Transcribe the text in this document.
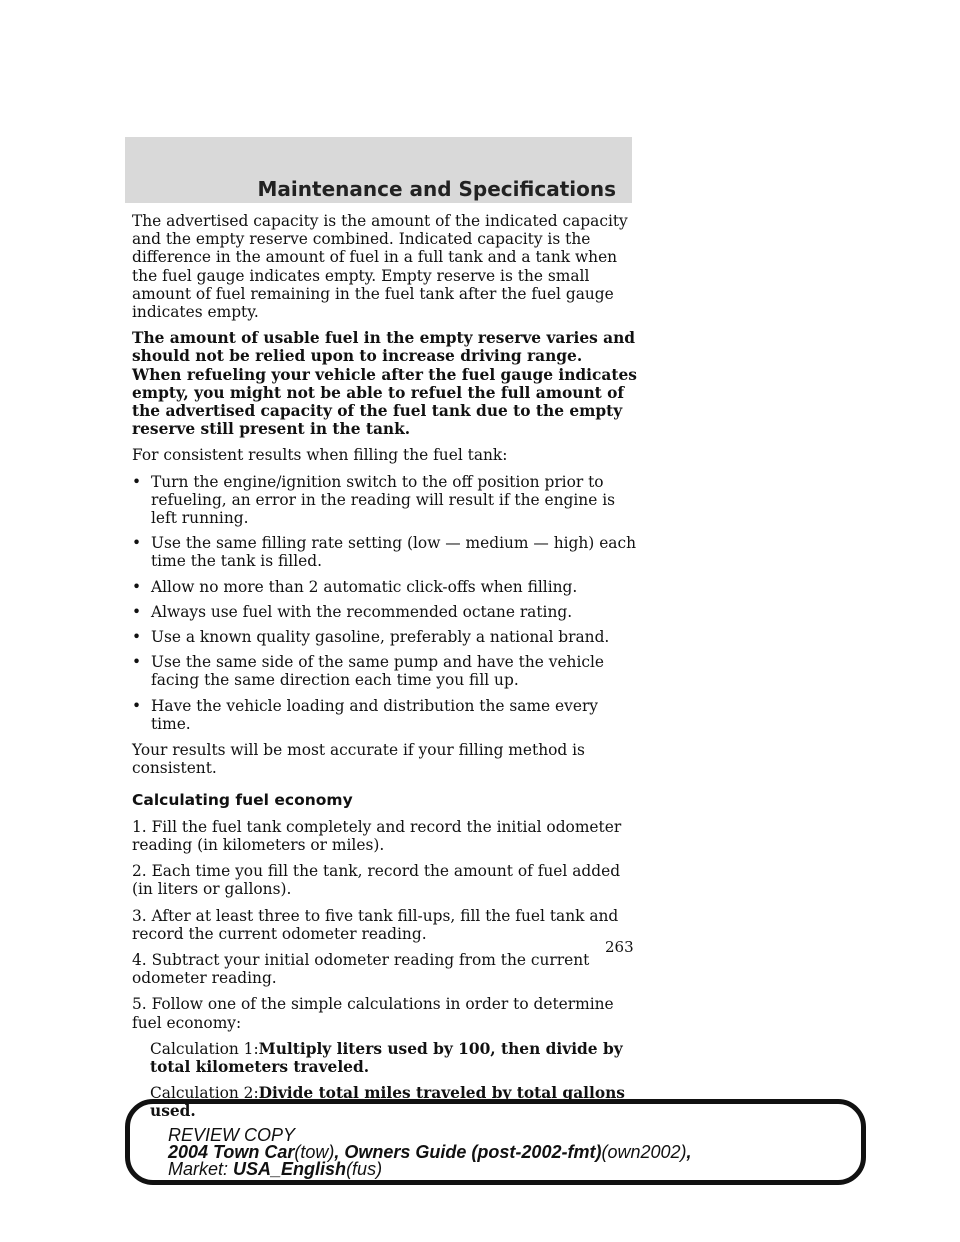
Maintenance and Specifications

The advertised capacity is the amount of the indicated capacity and the empty reserve combined. Indicated capacity is the difference in the amount of fuel in a full tank and a tank when the fuel gauge indicates empty. Empty reserve is the small amount of fuel remaining in the fuel tank after the fuel gauge indicates empty.

The amount of usable fuel in the empty reserve varies and should not be relied upon to increase driving range. When refueling your vehicle after the fuel gauge indicates empty, you might not be able to refuel the full amount of the advertised capacity of the fuel tank due to the empty reserve still present in the tank.

For consistent results when filling the fuel tank:

• Turn the engine/ignition switch to the off position prior to refueling, an error in the reading will result if the engine is left running.
• Use the same filling rate setting (low — medium — high) each time the tank is filled.
• Allow no more than 2 automatic click-offs when filling.
• Always use fuel with the recommended octane rating.
• Use a known quality gasoline, preferably a national brand.
• Use the same side of the same pump and have the vehicle facing the same direction each time you fill up.
• Have the vehicle loading and distribution the same every time.

Your results will be most accurate if your filling method is consistent.

Calculating fuel economy

1. Fill the fuel tank completely and record the initial odometer reading (in kilometers or miles).

2. Each time you fill the tank, record the amount of fuel added (in liters or gallons).

3. After at least three to five tank fill-ups, fill the fuel tank and record the current odometer reading.

4. Subtract your initial odometer reading from the current odometer reading.

5. Follow one of the simple calculations in order to determine fuel economy:

Calculation 1:Multiply liters used by 100, then divide by total kilometers traveled.

Calculation 2:Divide total miles traveled by total gallons used.

263
REVIEW COPY
2004 Town Car(tow), Owners Guide (post-2002-fmt)(own2002),
Market: USA_English(fus)
